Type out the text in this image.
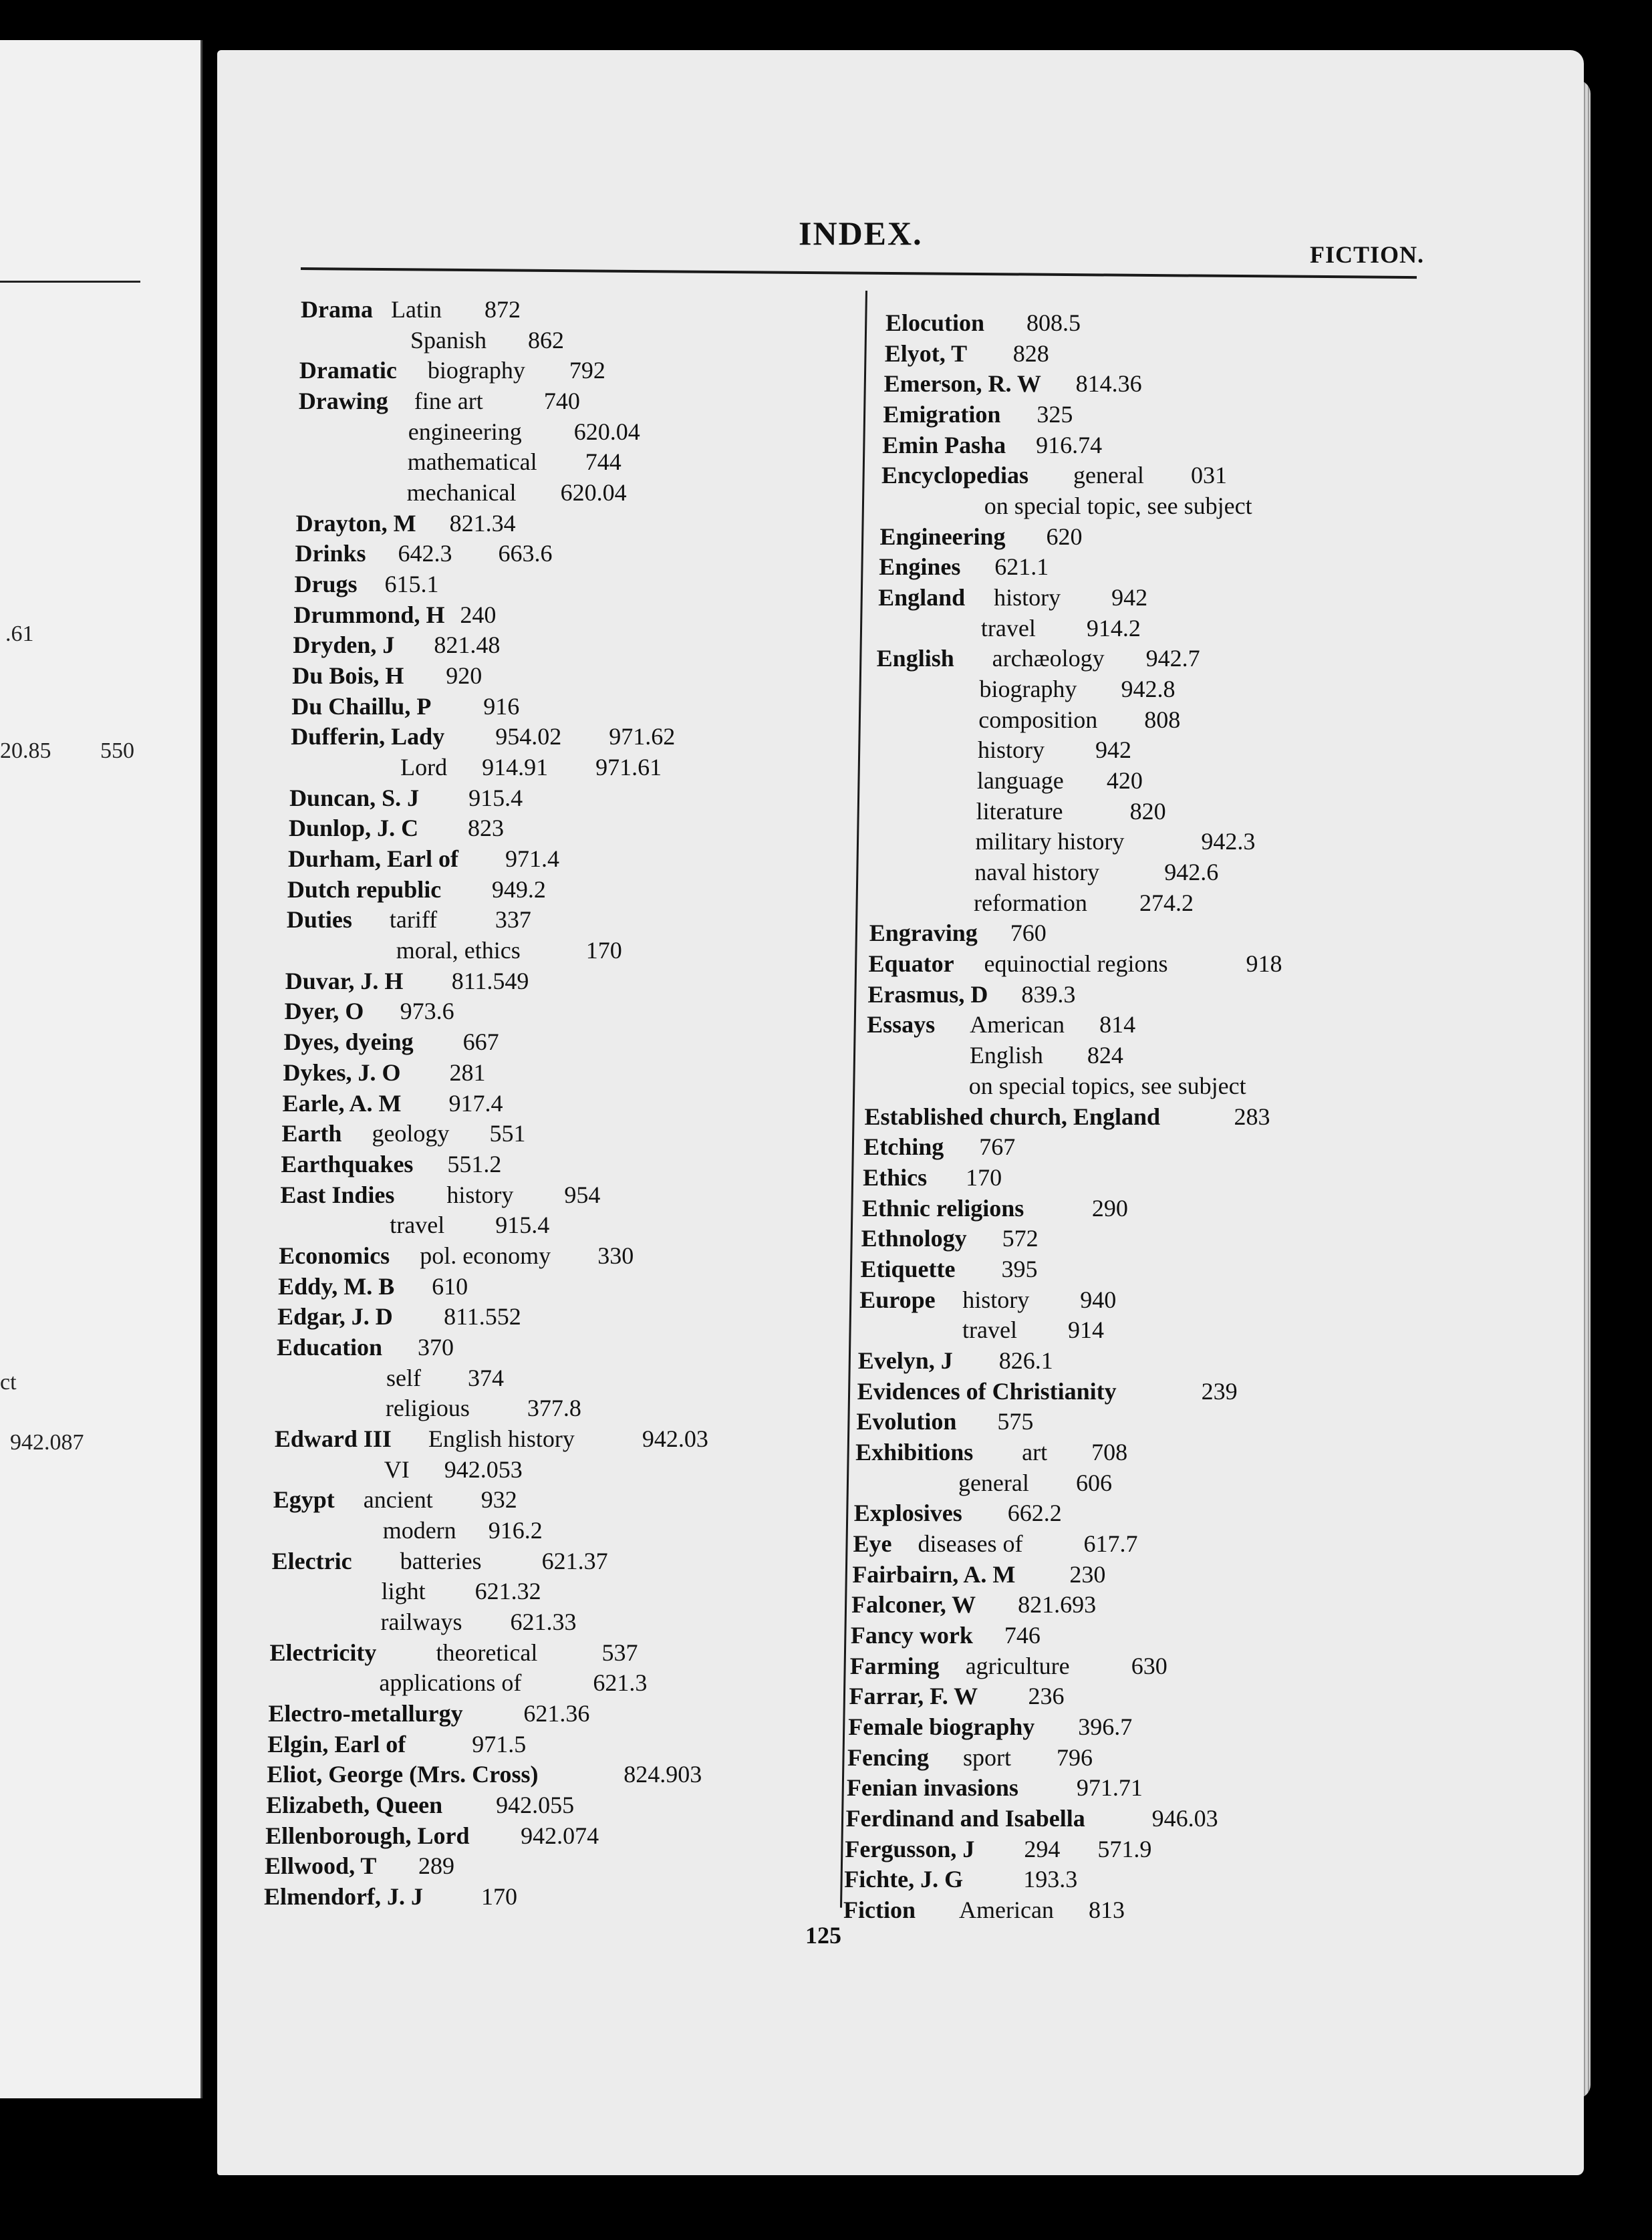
.61
20.85 550
ct
942.087
INDEX.
FICTION.
Drama Latin 872
Spanish 862
Dramatic biography 792
Drawing fine art	740
engineering 620.04
mathematical 744
mechanical 620.04
Drayton, M 821.34
Drinks 642.3 663.6
Drugs 615.1
Drummond, H 240
Dryden, J 821.48
Du Bois, H 920
Du Chaillu, P 916
Dufferin, Lady 954.02 971.62
Lord 914.91 971.61
Duncan, S. J 915.4
Dunlop, J. C 823
Durham, Earl of 971.4
Dutch republic 949.2
Duties tariff 337
moral, ethics	170
Duvar, J. H 811.549
Dyer, O 973.6
Dyes, dyeing 667
Dykes, J. O 281
Earle, A. M 917.4
Earth geology 551
Earthquakes 551.2
East Indies history 954
travel 915.4
Economics pol. economy 330
Eddy, M. B 610
Edgar, J. D 811.552
Education 370
self 374
religious 377.8
Edward III English history	942.03
VI 942.053
Egypt ancient 932
modern 916.2
Electric batteries	621.37
light 621.32
railways 621.33
Electricity theoretical	537
applications of	621.3
Electro-metallurgy	621.36
Elgin, Earl of	971.5
Eliot, George (Mrs. Cross)	824.903
Elizabeth, Queen 942.055
Ellenborough, Lord 942.074
Ellwood, T 289
Elmendorf, J. J 170
Elocution 808.5
Elyot, T 828
Emerson, R. W 814.36
Emigration 325
Emin Pasha 916.74
Encyclopedias general 031
on special topic, see subject
Engineering 620
Engines 621.1
England history 942
travel 914.2
English archæology 942.7
biography 942.8
composition 808
history 942
language 420
literature	820
military history	942.3
naval history	942.6
reformation 274.2
Engraving 760
Equator equinoctial regions	918
Erasmus, D 839.3
Essays American 814
English 824
on special topics, see subject
Established church, England	283
Etching 767
Ethics 170
Ethnic religions	290
Ethnology 572
Etiquette 395
Europe history 940
travel 914
Evelyn, J 826.1
Evidences of Christianity	239
Evolution 575
Exhibitions art 708
general 606
Explosives 662.2
Eye diseases of	617.7
Fairbairn, A. M 230
Falconer, W 821.693
Fancy work 746
Farming agriculture	630
Farrar, F. W 236
Female biography 396.7
Fencing sport 796
Fenian invasions 971.71
Ferdinand and Isabella	946.03
Fergusson, J 294 571.9
Fichte, J. G	193.3
Fiction American 813
125
